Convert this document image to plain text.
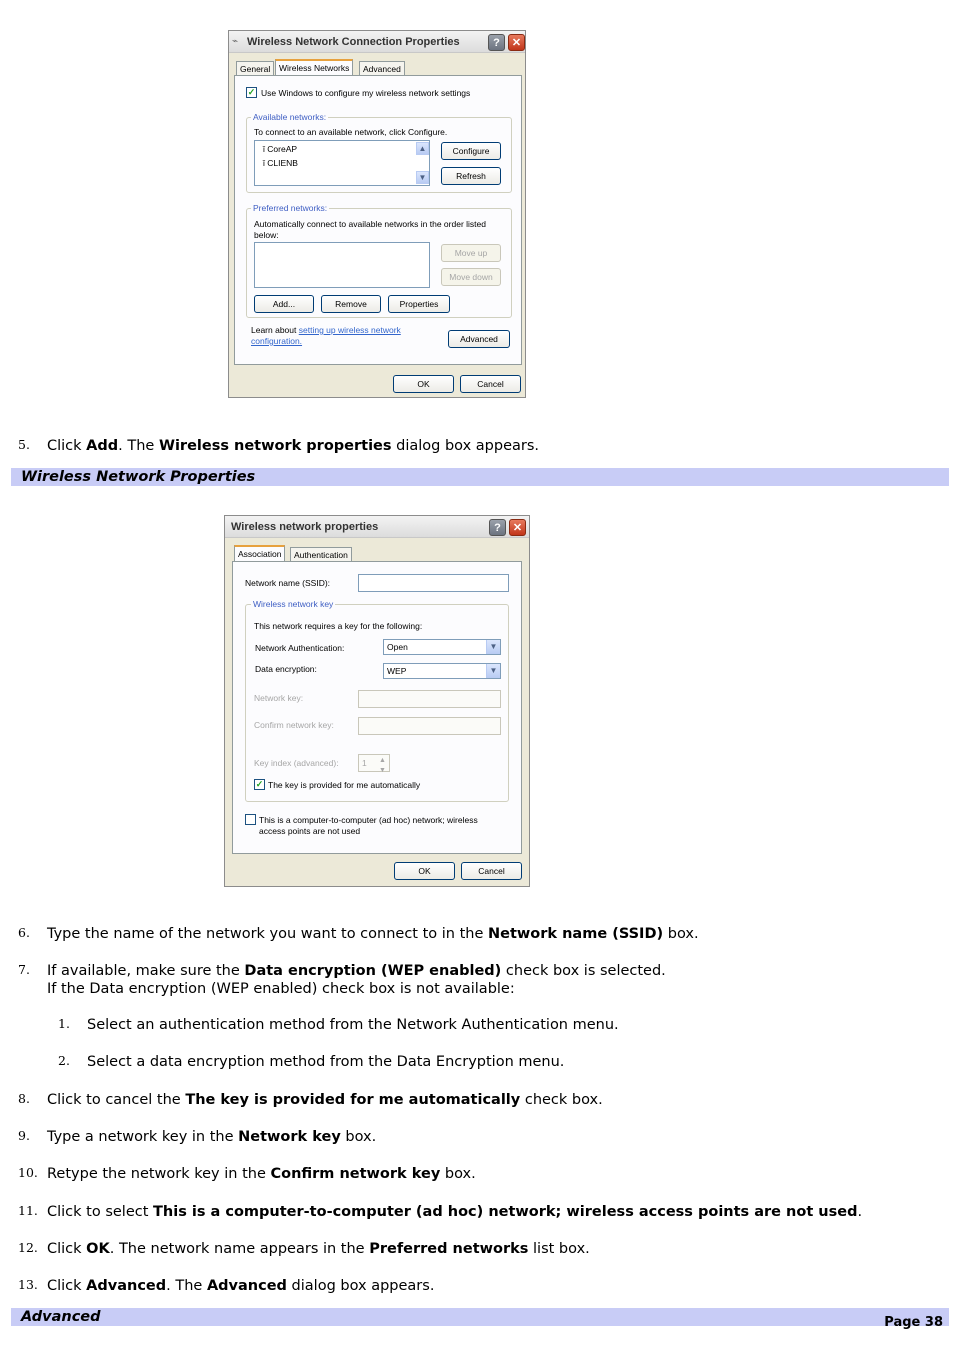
Wireless Network Connection Properties
⌁	?	✕
General	Wireless Networks	Advanced
✓ Use Windows to configure my wireless network settings
Available networks:
To connect to an available network, click Configure.
ǐ CoreAP
ǐ CLIENB
▲
▼
Configure
Refresh
Preferred networks:
Automatically connect to available networks in the order listed
below:
Move up
Move down
Add...	Remove	Properties
Learn about setting up wireless network
configuration.	Advanced
OK	Cancel
5. Click Add. The Wireless network properties dialog box appears.
Wireless Network Properties
Wireless network properties	?	✕
Association	Authentication
Network name (SSID):
Wireless network key
This network requires a key for the following:
Network Authentication:	Open	▼
Data encryption:	WEP	▼
Network key:
Confirm network key:
Key index (advanced):	1 ▲
▼
✓ The key is provided for me automatically
This is a computer-to-computer (ad hoc) network; wireless
access points are not used
OK	Cancel
6. Type the name of the network you want to connect to in the Network name (SSID) box.
7. If available, make sure the Data encryption (WEP enabled) check box is selected.
If the Data encryption (WEP enabled) check box is not available:
1. Select an authentication method from the Network Authentication menu.
2. Select a data encryption method from the Data Encryption menu.
8. Click to cancel the The key is provided for me automatically check box.
9. Type a network key in the Network key box.
10. Retype the network key in the Confirm network key box.
11. Click to select This is a computer-to-computer (ad hoc) network; wireless access points are not used.
12. Click OK. The network name appears in the Preferred networks list box.
13. Click Advanced. The Advanced dialog box appears.
Advanced	Page 38
